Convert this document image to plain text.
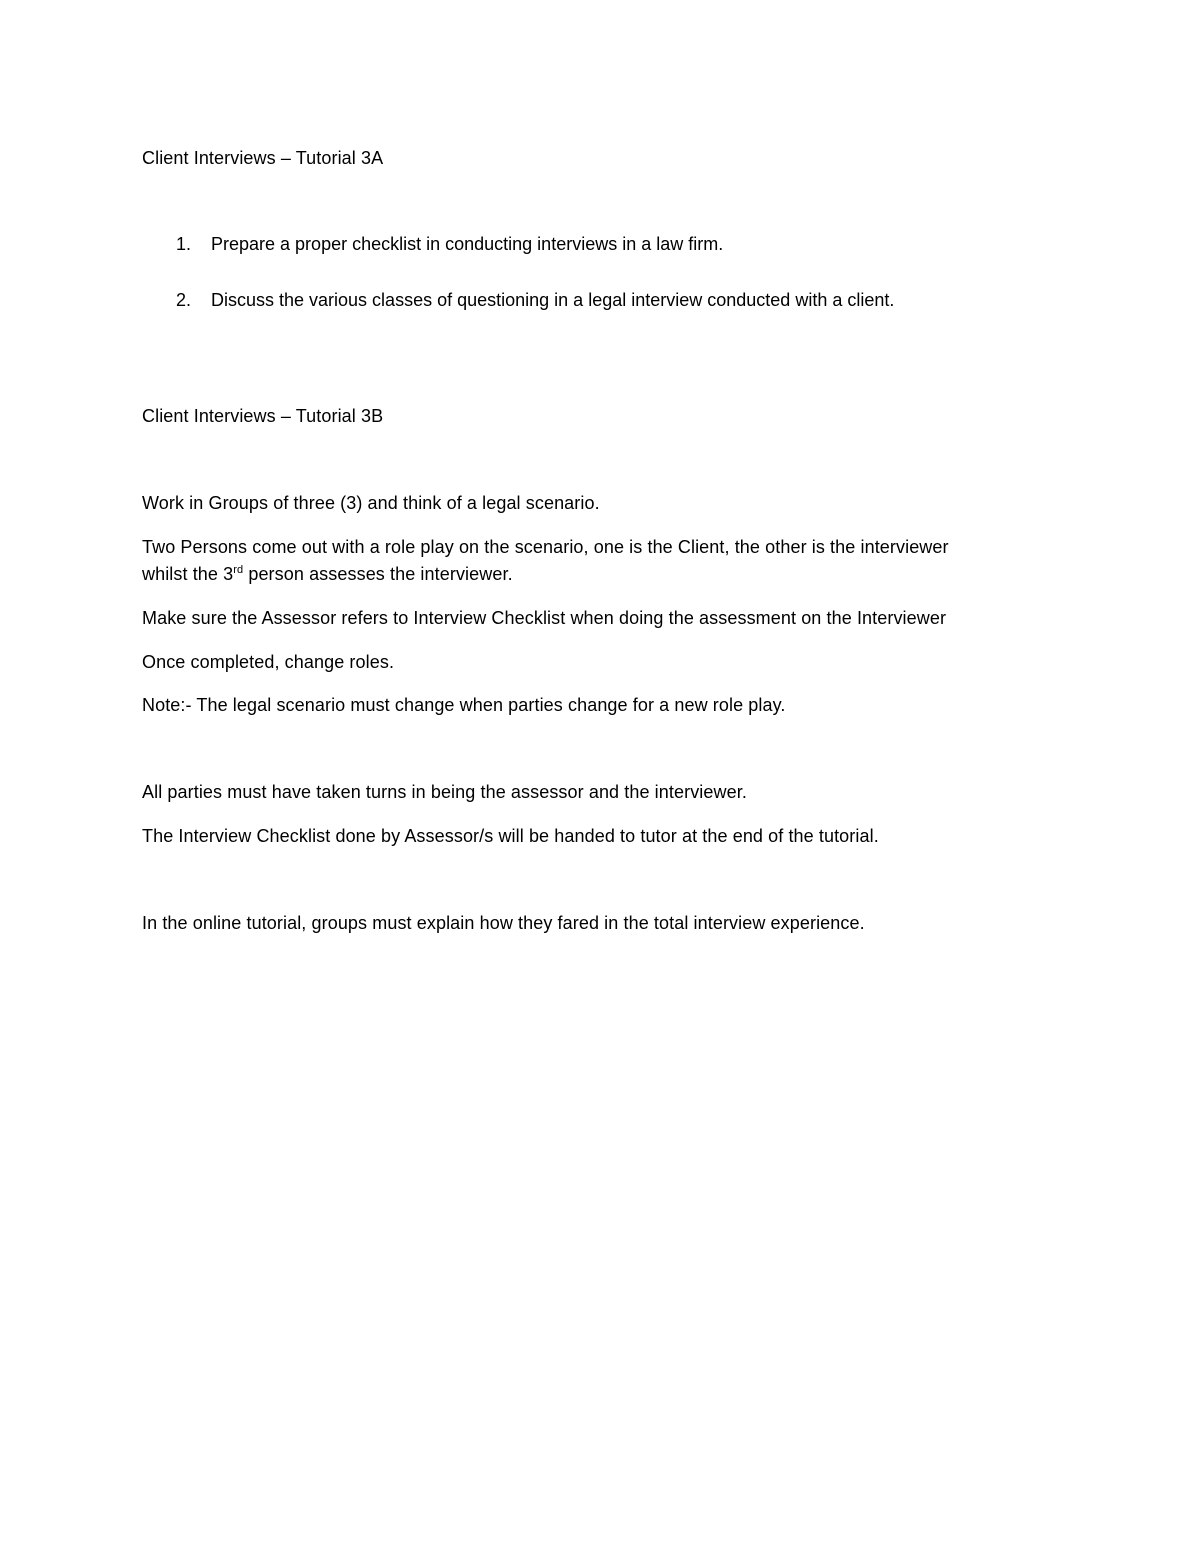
Client Interviews – Tutorial 3A
1. Prepare a proper checklist in conducting interviews in a law firm.
2. Discuss the various classes of questioning in a legal interview conducted with a client.
Client Interviews – Tutorial 3B
Work in Groups of three (3) and think of a legal scenario.
Two Persons come out with a role play on the scenario, one is the Client, the other is the interviewer
whilst the 3rd person assesses the interviewer.
Make sure the Assessor refers to Interview Checklist when doing the assessment on the Interviewer
Once completed, change roles.
Note:- The legal scenario must change when parties change for a new role play.
All parties must have taken turns in being the assessor and the interviewer.
The Interview Checklist done by Assessor/s will be handed to tutor at the end of the tutorial.
In the online tutorial, groups must explain how they fared in the total interview experience.
